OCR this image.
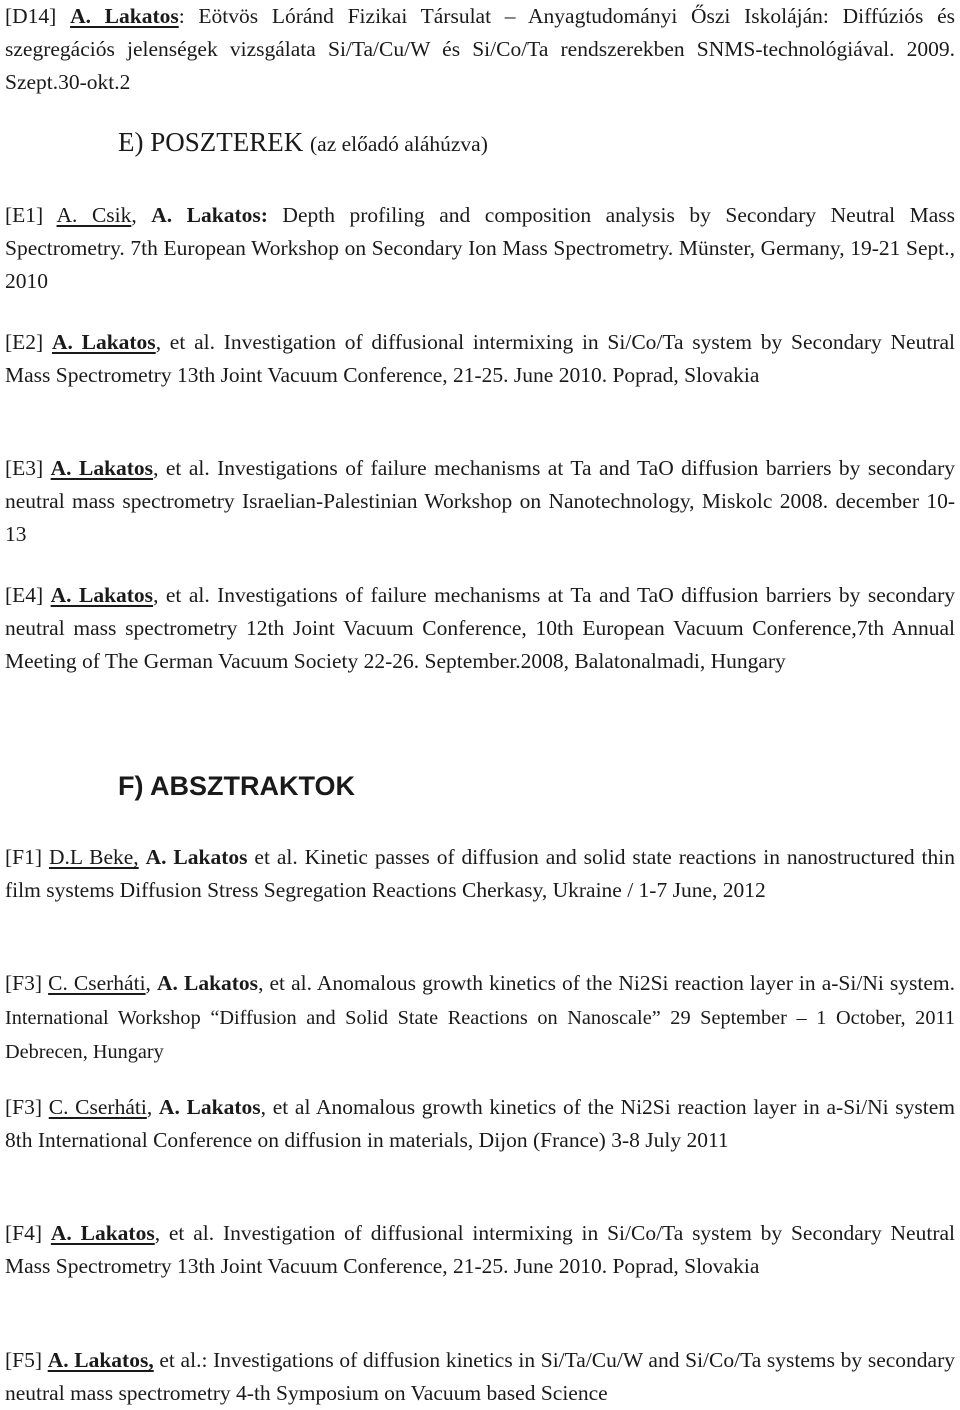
[D14] A. Lakatos: Eötvös Lóránd Fizikai Társulat – Anyagtudományi Őszi Iskoláján: Diffúziós és szegregációs jelenségek vizsgálata Si/Ta/Cu/W és Si/Co/Ta rendszerekben SNMS-technológiával. 2009. Szept.30-okt.2

E) POSZTEREK (az előadó aláhúzva)

[E1] A. Csik, A. Lakatos: Depth profiling and composition analysis by Secondary Neutral Mass Spectrometry. 7th European Workshop on Secondary Ion Mass Spectrometry. Münster, Germany, 19-21 Sept., 2010

[E2] A. Lakatos, et al. Investigation of diffusional intermixing in Si/Co/Ta system by Secondary Neutral Mass Spectrometry 13th Joint Vacuum Conference, 21-25. June 2010. Poprad, Slovakia

[E3] A. Lakatos, et al. Investigations of failure mechanisms at Ta and TaO diffusion barriers by secondary neutral mass spectrometry Israelian-Palestinian Workshop on Nanotechnology, Miskolc 2008. december 10-13

[E4] A. Lakatos, et al. Investigations of failure mechanisms at Ta and TaO diffusion barriers by secondary neutral mass spectrometry 12th Joint Vacuum Conference, 10th European Vacuum Conference,7th Annual Meeting of The German Vacuum Society 22-26. September.2008, Balatonalmadi, Hungary

F) ABSZTRAKTOK

[F1] D.L Beke, A. Lakatos et al. Kinetic passes of diffusion and solid state reactions in nanostructured thin film systems Diffusion Stress Segregation Reactions Cherkasy, Ukraine / 1-7 June, 2012

[F3] C. Cserháti, A. Lakatos, et al. Anomalous growth kinetics of the Ni2Si reaction layer in a-Si/Ni system. International Workshop “Diffusion and Solid State Reactions on Nanoscale” 29 September – 1 October, 2011 Debrecen, Hungary

[F3] C. Cserháti, A. Lakatos, et al Anomalous growth kinetics of the Ni2Si reaction layer in a-Si/Ni system 8th International Conference on diffusion in materials, Dijon (France) 3-8 July 2011

[F4] A. Lakatos, et al. Investigation of diffusional intermixing in Si/Co/Ta system by Secondary Neutral Mass Spectrometry 13th Joint Vacuum Conference, 21-25. June 2010. Poprad, Slovakia

[F5] A. Lakatos, et al.: Investigations of diffusion kinetics in Si/Ta/Cu/W and Si/Co/Ta systems by secondary neutral mass spectrometry 4-th Symposium on Vacuum based Science
